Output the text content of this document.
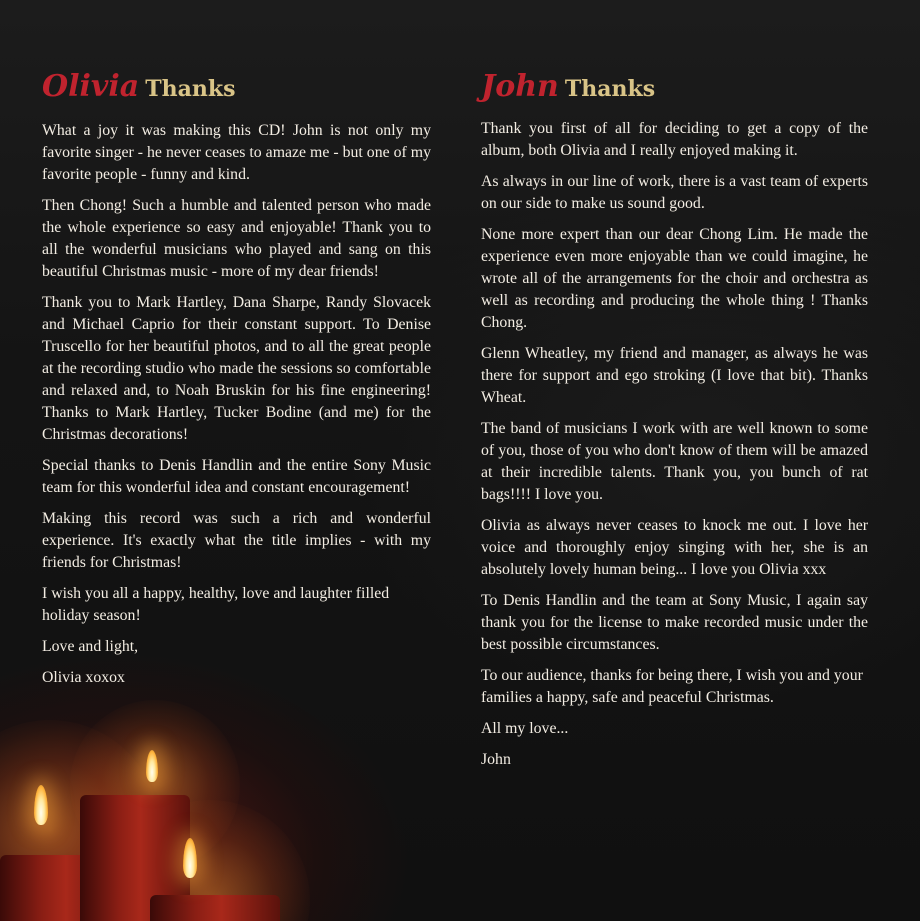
Olivia Thanks

What a joy it was making this CD! John is not only my favorite singer - he never ceases to amaze me - but one of my favorite people - funny and kind.

Then Chong! Such a humble and talented person who made the whole experience so easy and enjoyable! Thank you to all the wonderful musicians who played and sang on this beautiful Christmas music - more of my dear friends!

Thank you to Mark Hartley, Dana Sharpe, Randy Slovacek and Michael Caprio for their constant support. To Denise Truscello for her beautiful photos, and to all the great people at the recording studio who made the sessions so comfortable and relaxed and, to Noah Bruskin for his fine engineering! Thanks to Mark Hartley, Tucker Bodine (and me) for the Christmas decorations!

Special thanks to Denis Handlin and the entire Sony Music team for this wonderful idea and constant encouragement!

Making this record was such a rich and wonderful experience. It's exactly what the title implies - with my friends for Christmas!

I wish you all a happy, healthy, love and laughter filled holiday season!

Love and light,

Olivia xoxox

John Thanks

Thank you first of all for deciding to get a copy of the album, both Olivia and I really enjoyed making it.

As always in our line of work, there is a vast team of experts on our side to make us sound good.

None more expert than our dear Chong Lim. He made the experience even more enjoyable than we could imagine, he wrote all of the arrangements for the choir and orchestra as well as recording and producing the whole thing ! Thanks Chong.

Glenn Wheatley, my friend and manager, as always he was there for support and ego stroking (I love that bit). Thanks Wheat.

The band of musicians I work with are well known to some of you, those of you who don't know of them will be amazed at their incredible talents. Thank you, you bunch of rat bags!!!! I love you.

Olivia as always never ceases to knock me out. I love her voice and thoroughly enjoy singing with her, she is an absolutely lovely human being... I love you Olivia xxx

To Denis Handlin and the team at Sony Music, I again say thank you for the license to make recorded music under the best possible circumstances.

To our audience, thanks for being there, I wish you and your families a happy, safe and peaceful Christmas.

All my love...

John
